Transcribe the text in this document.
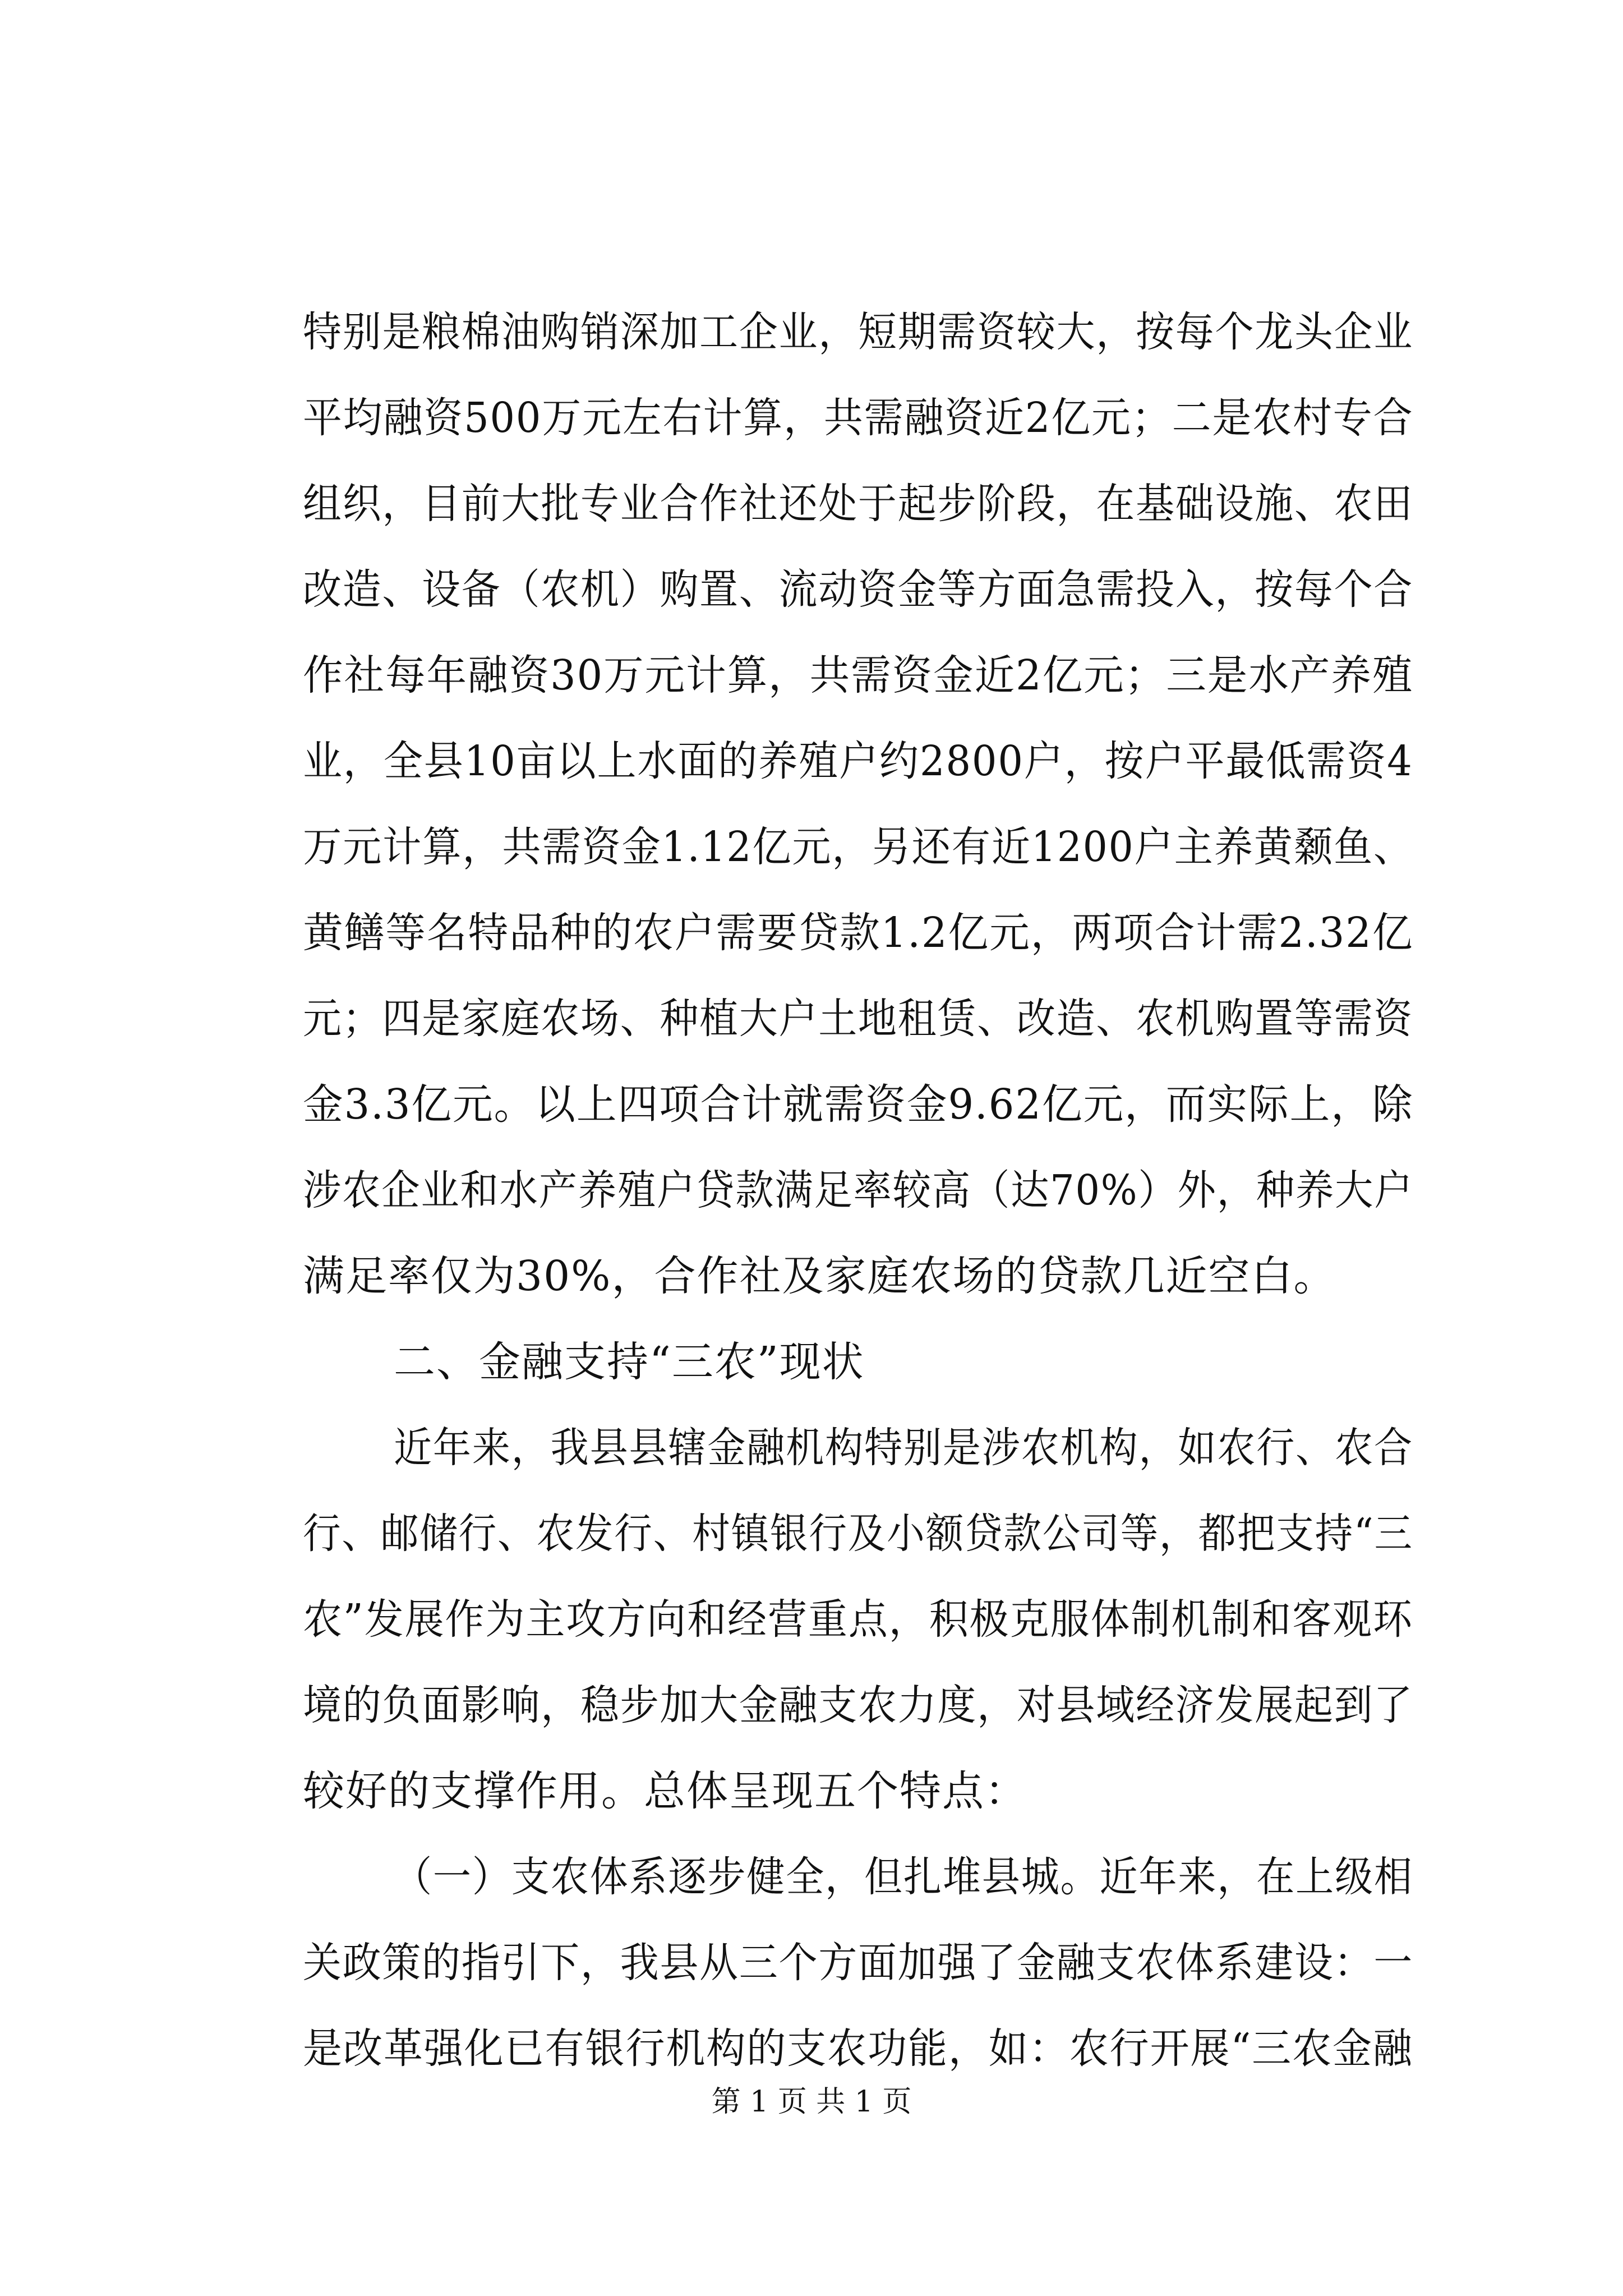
特别是粮棉油购销深加工企业，短期需资较大，按每个龙头企业
平均融资500万元左右计算，共需融资近2亿元；二是农村专合
组织，目前大批专业合作社还处于起步阶段，在基础设施、农田
改造、设备（农机）购置、流动资金等方面急需投入，按每个合
作社每年融资30万元计算，共需资金近2亿元；三是水产养殖
业，全县10亩以上水面的养殖户约2800户，按户平最低需资4
万元计算，共需资金1.12亿元，另还有近1200户主养黄颡鱼、
黄鳝等名特品种的农户需要贷款1.2亿元，两项合计需2.32亿
元；四是家庭农场、种植大户土地租赁、改造、农机购置等需资
金3.3亿元。以上四项合计就需资金9.62亿元，而实际上，除
涉农企业和水产养殖户贷款满足率较高（达70%）外，种养大户
满足率仅为30%，合作社及家庭农场的贷款几近空白。
二、金融支持“三农”现状
近年来，我县县辖金融机构特别是涉农机构，如农行、农合
行、邮储行、农发行、村镇银行及小额贷款公司等，都把支持“三
农”发展作为主攻方向和经营重点，积极克服体制机制和客观环
境的负面影响，稳步加大金融支农力度，对县域经济发展起到了
较好的支撑作用。总体呈现五个特点：
（一）支农体系逐步健全，但扎堆县城。近年来，在上级相
关政策的指引下，我县从三个方面加强了金融支农体系建设：一
是改革强化已有银行机构的支农功能，如：农行开展“三农金融
第 1 页 共 1 页
